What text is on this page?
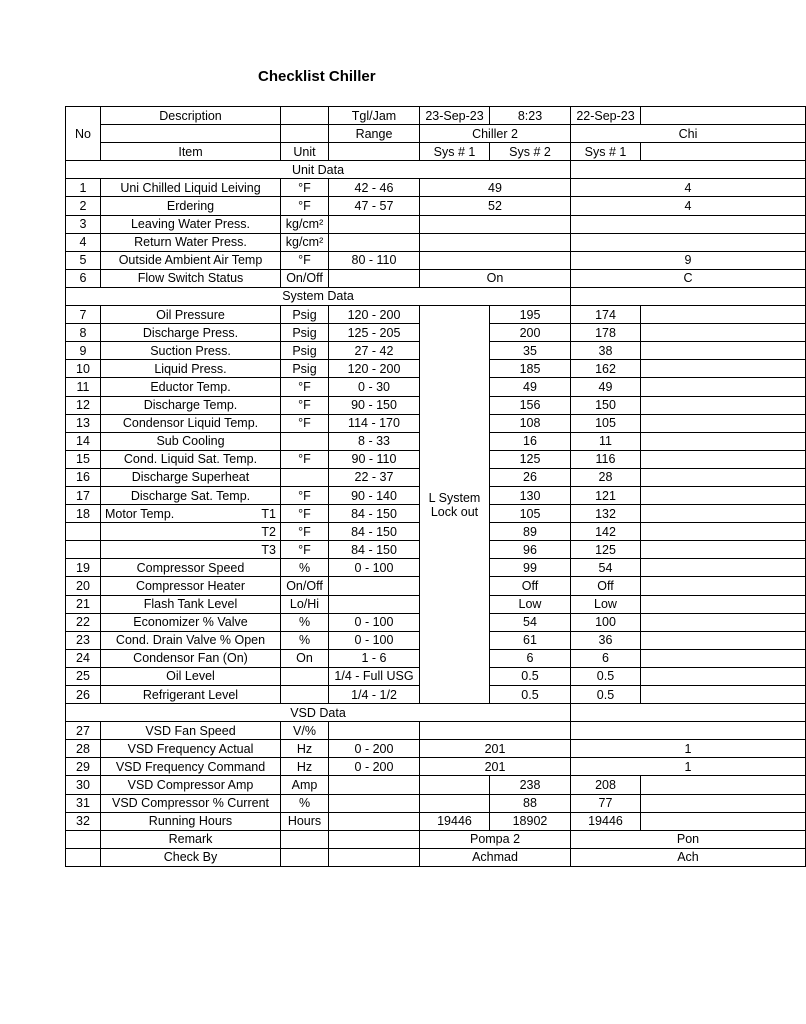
Checklist Chiller
No	Description		Tgl/Jam	23-Sep-23	8:23	22-Sep-23	
			Range	Chiller 2		Chi	
	Item	Unit		Sys # 1	Sys # 2	Sys # 1	
Unit Data							
1	Uni Chilled Liquid Leiving	°F	42 - 46	49		4	
2	Erdering	°F	47 - 57	52		4	
3	Leaving Water Press.	kg/cm²					
4	Return Water Press.	kg/cm²					
5	Outside Ambient Air Temp	°F	80 - 110			9	
6	Flow Switch Status	On/Off		On		C	
System Data							
7	Oil Pressure	Psig	120 - 200	L System Lock out	195	174	
8	Discharge Press.	Psig	125 - 205		200	178	
9	Suction Press.	Psig	27 - 42		35	38	
10	Liquid Press.	Psig	120 - 200		185	162	
11	Eductor Temp.	°F	0 - 30		49	49	
12	Discharge Temp.	°F	90 - 150		156	150	
13	Condensor Liquid Temp.	°F	114 - 170		108	105	
14	Sub Cooling		8 - 33		16	11	
15	Cond. Liquid Sat. Temp.	°F	90 - 110		125	116	
16	Discharge Superheat		22 - 37		26	28	
17	Discharge Sat. Temp.	°F	90 - 140		130	121	
18	Motor Temp. T1	°F	84 - 150		105	132	
	T2	°F	84 - 150		89	142	
	T3	°F	84 - 150		96	125	
19	Compressor Speed	%	0 - 100		99	54	
20	Compressor Heater	On/Off			Off	Off	
21	Flash Tank Level	Lo/Hi			Low	Low	
22	Economizer % Valve	%	0 - 100		54	100	
23	Cond. Drain Valve % Open	%	0 - 100		61	36	
24	Condensor Fan (On)	On	1 - 6		6	6	
25	Oil Level		1/4 - Full USG		0.5	0.5	
26	Refrigerant Level		1/4 - 1/2		0.5	0.5	
VSD Data							
27	VSD Fan Speed	V/%					
28	VSD Frequency Actual	Hz	0 - 200	201		1	
29	VSD Frequency Command	Hz	0 - 200	201		1	
30	VSD Compressor Amp	Amp			238	208	
31	VSD Compressor % Current	%			88	77	
32	Running Hours	Hours		19446	18902	19446	
	Remark			Pompa 2		Pon	
	Check By			Achmad		Ach	
